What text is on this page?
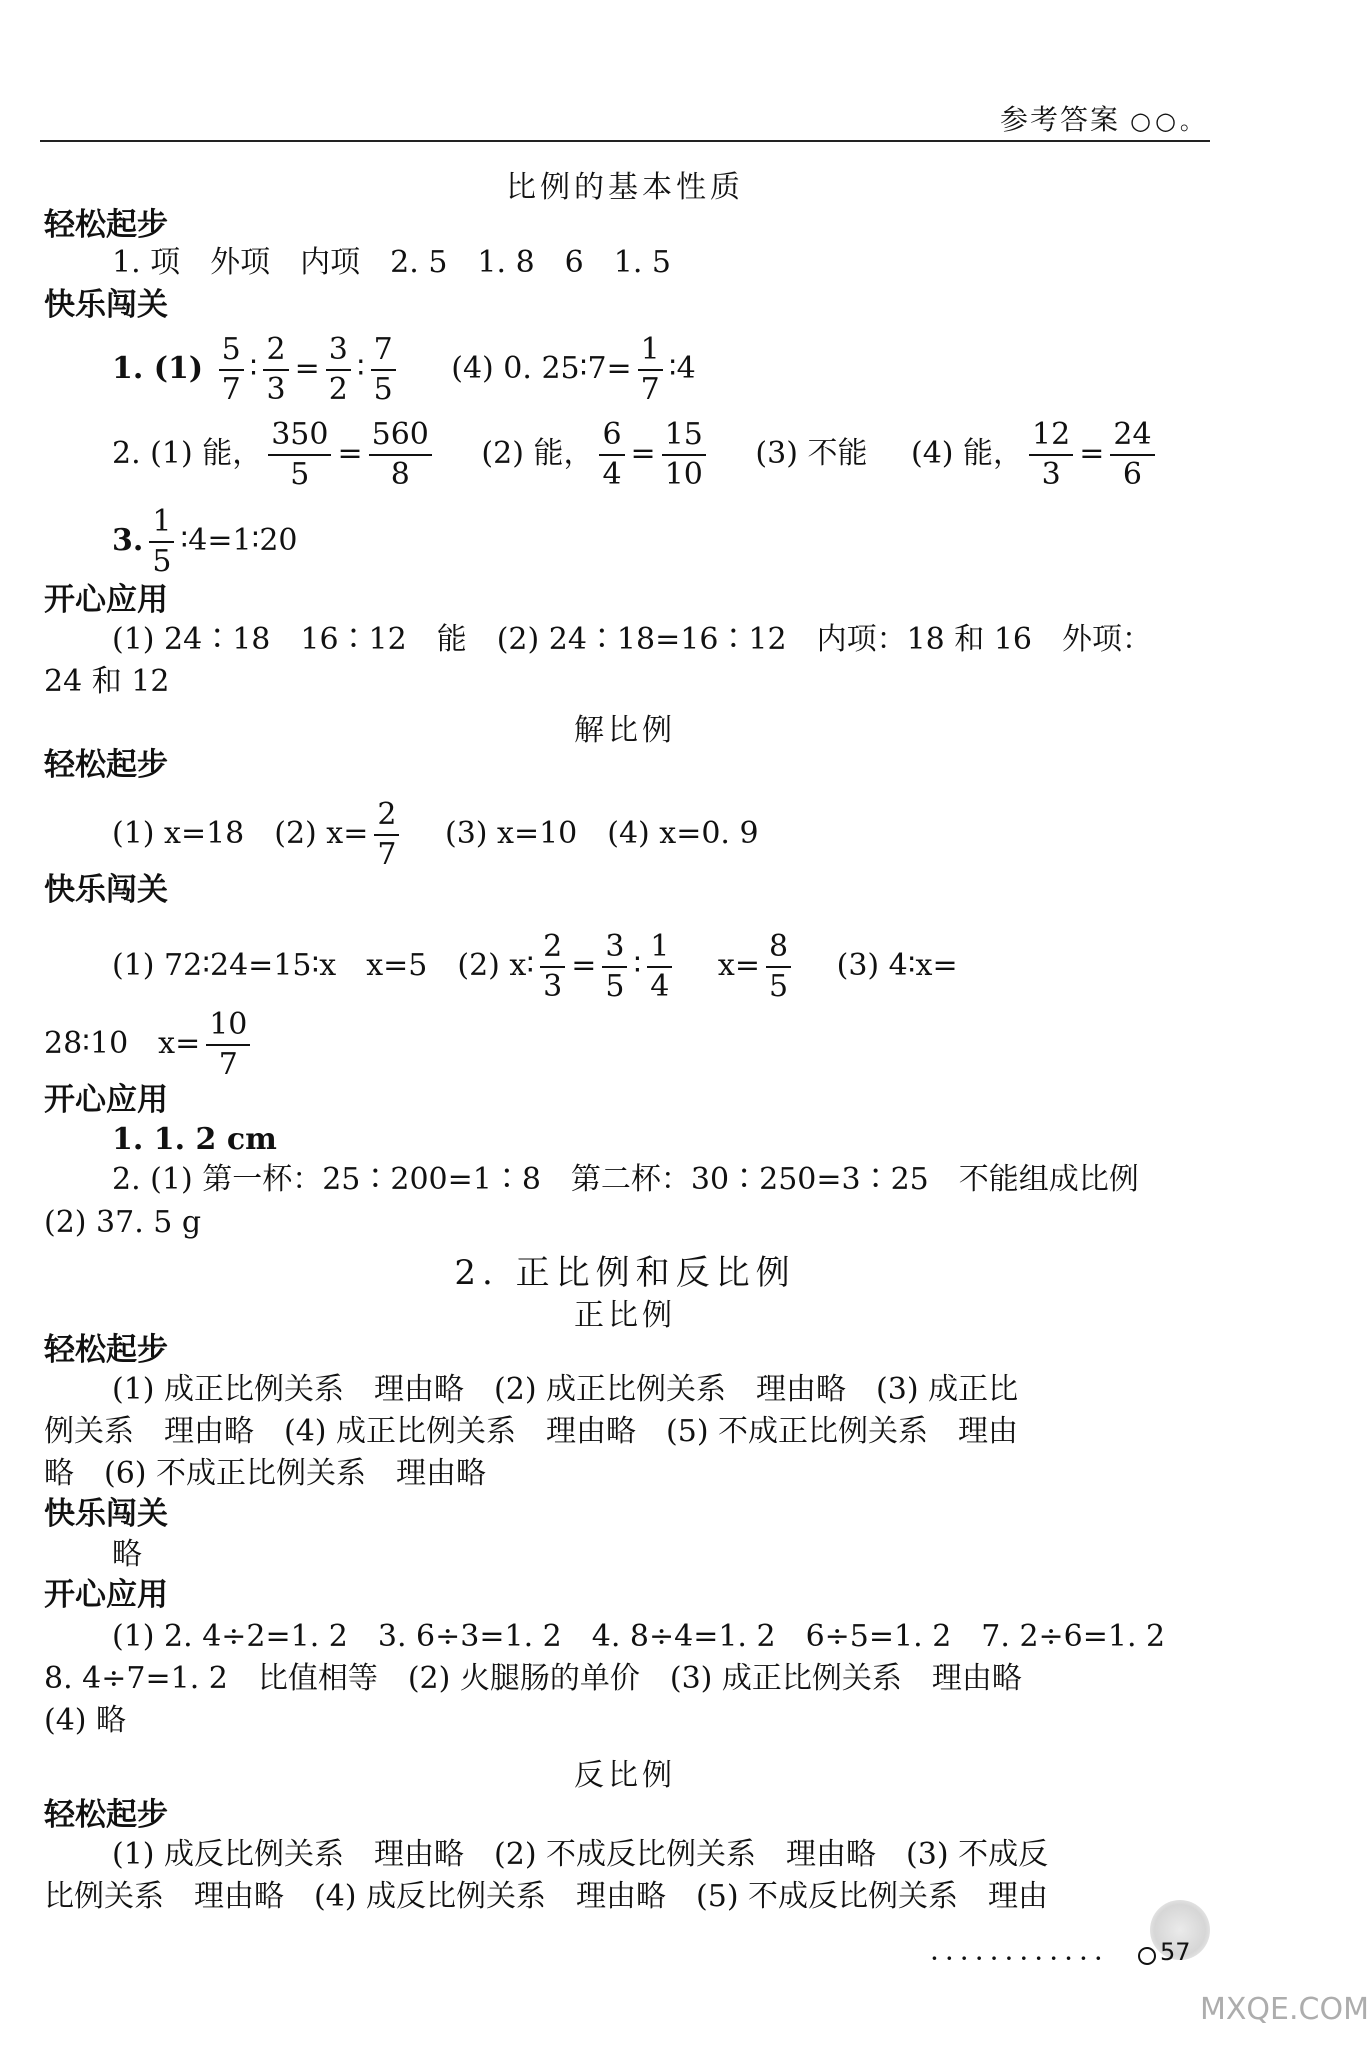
参考答案 ○○。
比例的基本性质
轻松起步
1. 项　外项　内项　2. 5　1. 8　6　1. 5
快乐闯关
1. $(1) \frac{5}{7}$ ∶ $\frac{2}{3} = \frac{3}{2}$ ∶ $\frac{7}{5} (4)$ 0. 25∶7= $\frac{1}{7}$ ∶4
2. (1) 能， $\frac{350}{5} = \frac{560}{8} (2)$ 能， $\frac{6}{4} = \frac{15}{10} (3)$ 不能 (4) 能， $\frac{12}{3} = \frac{24}{6}$
3. $\frac{1}{5}$ ∶4=1∶20
开心应用
(1) 24∶18　16∶12　能　(2) 24∶18=16∶12　内项：18 和 16　外项：
24 和 12
解比例
轻松起步
(1) x=18　(2) $x= \frac{2}{7} (3)$ x=10　(4) x=0. 9
快乐闯关
(1) 72∶24=15∶x　x=5　(2) x∶ $\frac{2}{3} = \frac{3}{5}$ ∶ $\frac{1}{4} x= \frac{8}{5} (3)$ 4∶x=
28∶10　$x= \frac{10}{7}$
开心应用
1. 1. 2 cm
2. (1) 第一杯：25∶200=1∶8　第二杯：30∶250=3∶25　不能组成比例
(2) 37. 5 g
2. 正比例和反比例
正比例
轻松起步
(1) 成正比例关系　理由略　(2) 成正比例关系　理由略　(3) 成正比
例关系　理由略　(4) 成正比例关系　理由略　(5) 不成正比例关系　理由
略　(6) 不成正比例关系　理由略
快乐闯关
略
开心应用
(1) 2. 4÷2=1. 2　3. 6÷3=1. 2　4. 8÷4=1. 2　6÷5=1. 2　7. 2÷6=1. 2
8. 4÷7=1. 2　比值相等　(2) 火腿肠的单价　(3) 成正比例关系　理由略
(4) 略
反比例
轻松起步
(1) 成反比例关系　理由略　(2) 不成反比例关系　理由略　(3) 不成反
比例关系　理由略　(4) 成反比例关系　理由略　(5) 不成反比例关系　理由
············ 57
MXQE.COM
